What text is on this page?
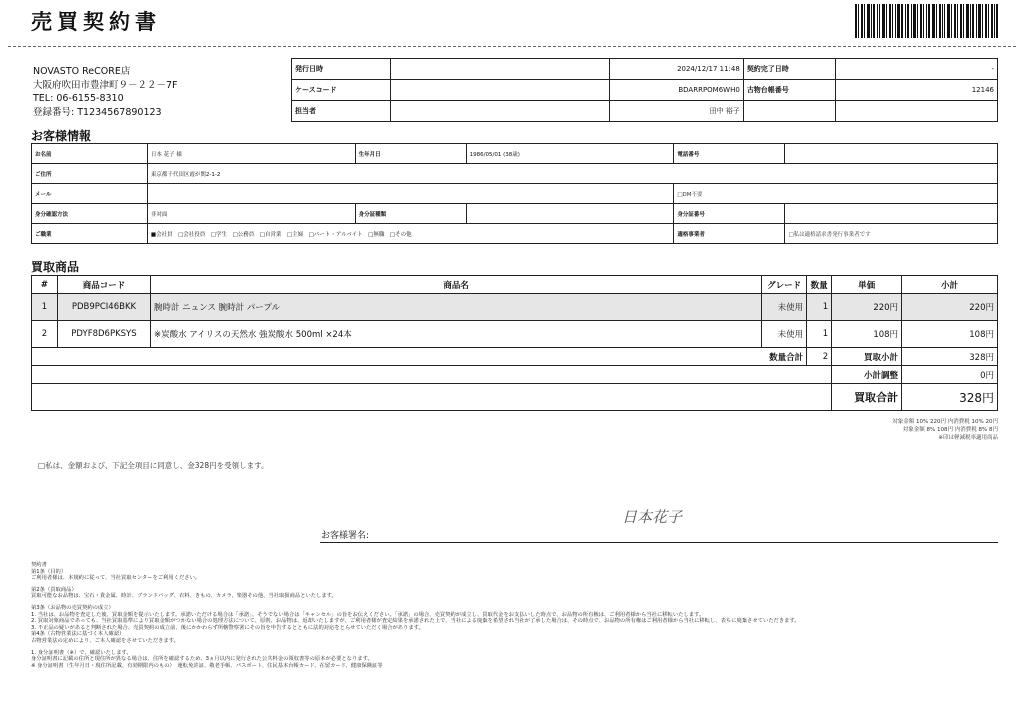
売買契約書
NOVASTO ReCORE店
大阪府吹田市豊津町９－２２－7F
TEL: 06-6155-8310
登録番号: T1234567890123
発行日時		2024/12/17 11:48	契約完了日時	-
ケースコード		BDARRPOM6WH0	古物台帳番号	12146
担当者		田中 裕子		
お客様情報
お名前	日本 花子 様	生年月日	1986/05/01 (38歳)	電話番号	
ご住所	東京都千代田区霞が関2-1-2				
メール				□DM不要	
身分確認方法	非対面	身分証種類		身分証番号	
ご職業	■会社員　□会社役員　□学生　□公務員　□自営業　□主婦　□パート・アルバイト　□無職　□その他			適格事業者	□私は適格請求書発行事業者です
買取商品
#	商品コード	商品名	グレード	数量	単価	小計
1	PDB9PCI46BKK	腕時計 ニュンス 腕時計 パープル	未使用	1	220円	220円
2	PDYF8D6PKSYS	※炭酸水 アイリスの天然水 強炭酸水 500ml ×24本	未使用	1	108円	108円
数量合計				2	買取小計	328円
					小計調整	0円
					買取合計	328円
対象金額 10% 220円 内消費税 10% 20円
対象金額 8% 108円 内消費税 8% 8円
※印は軽減税率適用商品
□私は、金額および、下記全項目に同意し、金328円を受領します。
日本花子
お客様署名:

契約書
第1条（目的）
ご利用者様は、本規約に従って、当社買取センターをご利用ください。

第2条（買取商品）
買取可能なお品物は、宝石・貴金属、時計、ブランドバッグ、衣料、きもの、カメラ、楽器その他、当社取扱商品といたします。

第3条（お品物の売買契約の成立）
1. 当社は、お品物を査定した後、買取金額を提示いたします。承諾いただける場合は「承諾」、そうでない場合は「キャンセル」の旨をお伝えください。「承諾」の場合、売買契約が成立し、買取代金をお支払いした時点で、お品物の所有権は、ご利用者様から当社に移転いたします。
2. 買取対象商品であっても、当社買取基準により買取金額がつかない場合の処理方法について、原則、お品物は、返却いたしますが、ご利用者様が査定結果を承諾された上で、当社による廃棄を希望され当社が了承した場合は、その時点で、お品物の所有権はご利用者様から当社に移転し、表ちに廃棄させていただきます。
3. 不正品の疑いがあると判断された場合、売買契約の成立前、後にかかわらず所轄警察署にその旨を申告するとともに法的対応をとらせていただく場合があります。
第4条（古物営業法に基づく本人確認）
古物営業法の定めにより、ご本人確認をさせていただきます。

1. 身分証明書（※）で、確認いたします。
身分証明書に記載の住所と現住所が異なる場合は、住所を確認するため、3ヵ月以内に発行された公共料金の領収書等の原本が必要となります。
※ 身分証明書（生年月日・現住所記載、有効期限内のもの）　運転免許証、敬老手帳、パスポート、住民基本台帳カード、在留カード、健康保険証等
